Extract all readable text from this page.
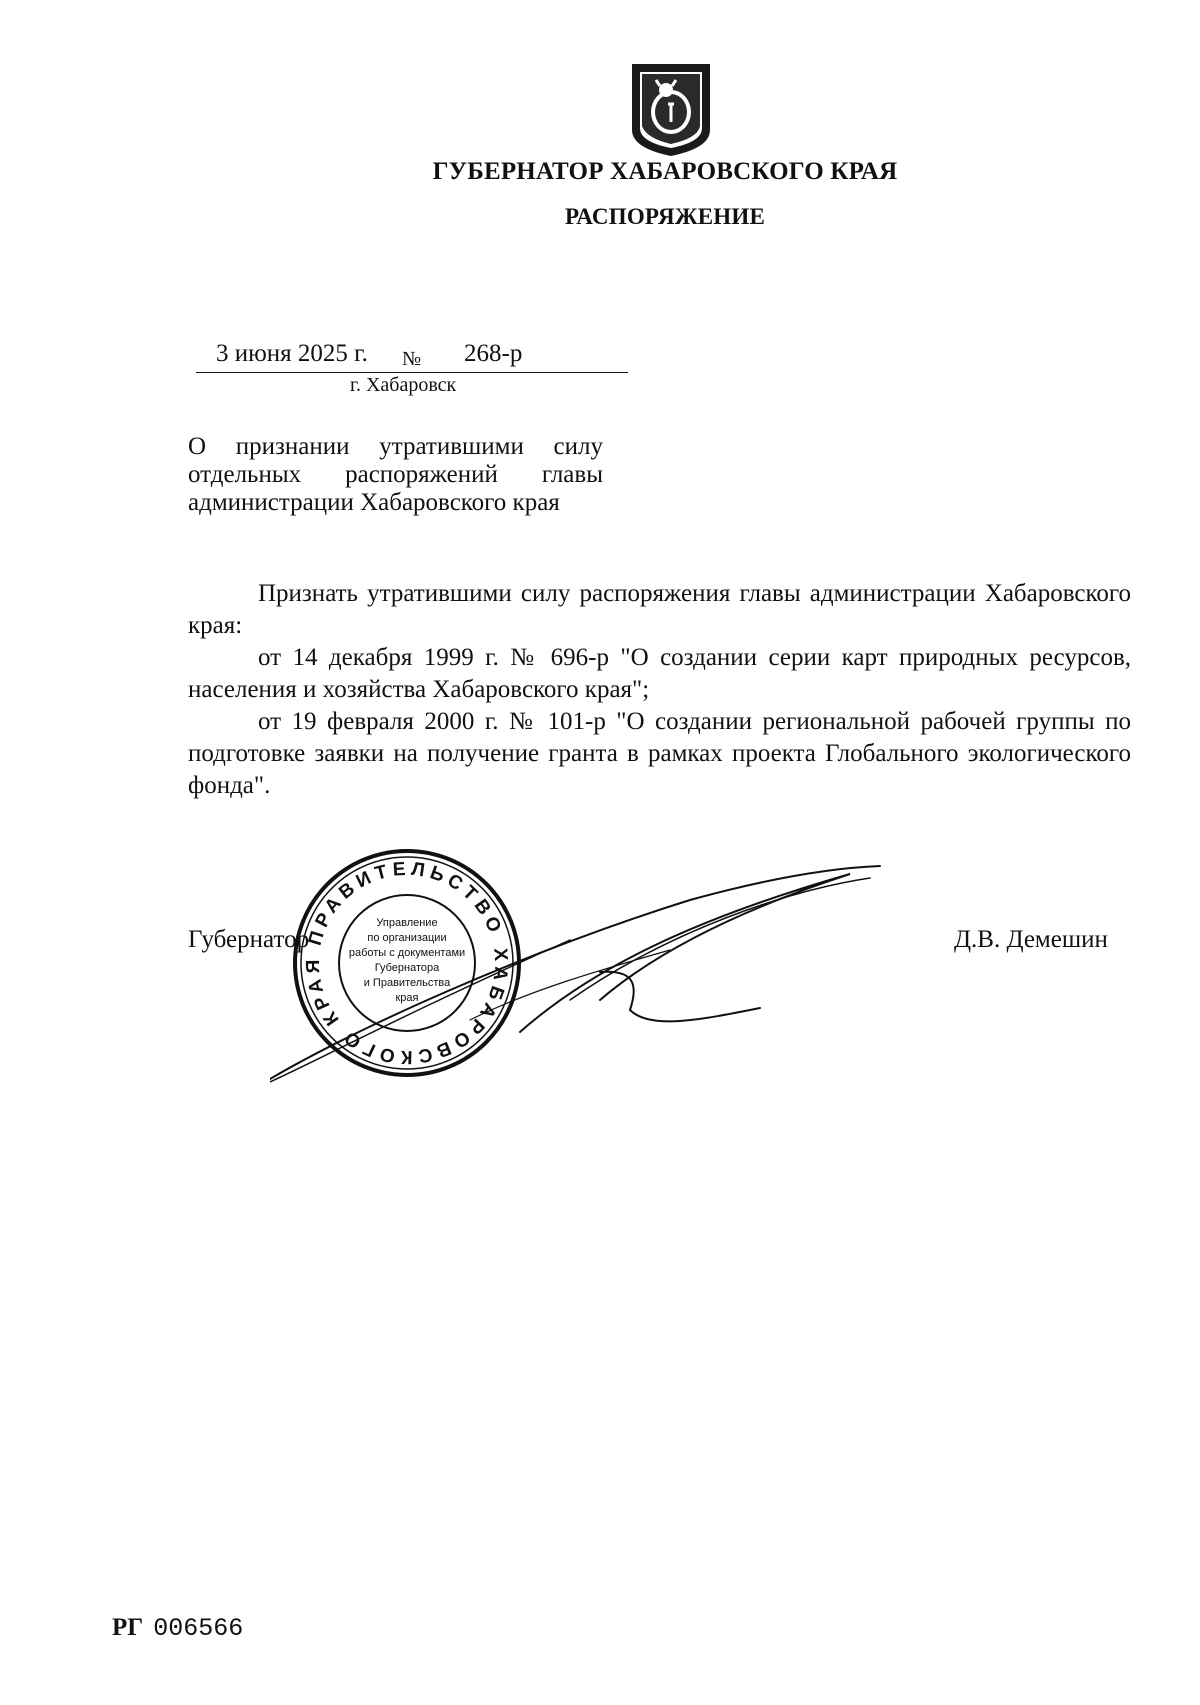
ГУБЕРНАТОР ХАБАРОВСКОГО КРАЯ
РАСПОРЯЖЕНИЕ
3 июня 2025 г. № 268-р
г. Хабаровск
О признании утратившими силу
отдельных распоряжений главы
администрации Хабаровского края

Признать утратившими силу распоряжения главы администрации Хабаровского края:

от 14 декабря 1999 г. № 696-р "О создании серии карт природных ресурсов, населения и хозяйства Хабаровского края";

от 19 февраля 2000 г. № 101-р "О создании региональной рабочей группы по подготовке заявки на получение гранта в рамках проекта Глобального экологического фонда".

Губернатор	Д.В. Демешин
ПРАВИТЕЛЬСТВО ХАБАРОВСКОГО КРАЯ
Управление
по организации
работы с документами
Губернатора
и Правительства
края
РГ 006566
